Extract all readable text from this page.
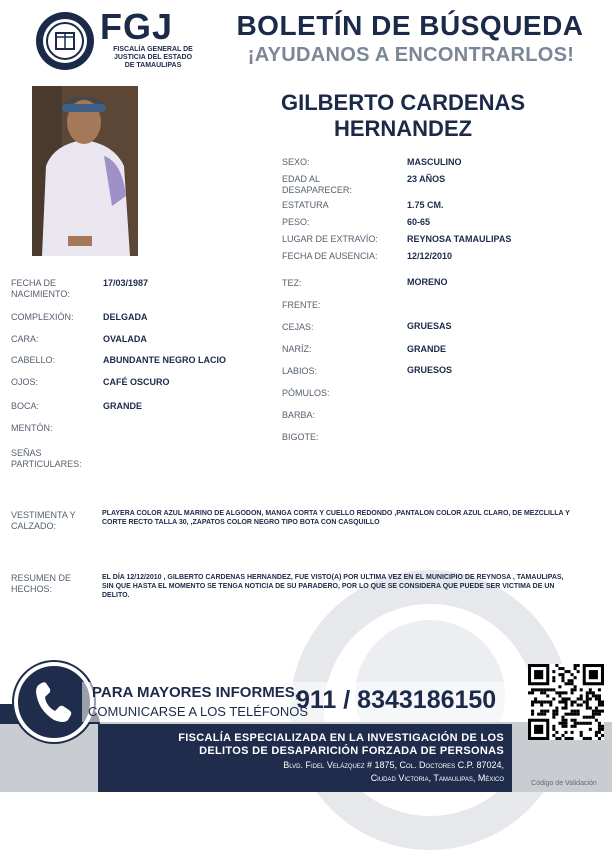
FGJ
FISCALÍA GENERAL DE
JUSTICIA DEL ESTADO
DE TAMAULIPAS
BOLETÍN DE BÚSQUEDA
¡AYUDANOS A ENCONTRARLOS!
GILBERTO CARDENAS
HERNANDEZ
SEXO:	MASCULINO
EDAD AL
DESAPARECER:
23 AÑOS
ESTATURA	1.75 CM.
PESO:	60-65
LUGAR DE EXTRAVÍO:	REYNOSA TAMAULIPAS
FECHA DE AUSENCIA:	12/12/2010
FECHA DE
NACIMIENTO:
17/03/1987
COMPLEXIÓN:	DELGADA
CARA:	OVALADA
CABELLO:	ABUNDANTE NEGRO LACIO
OJOS:	CAFÉ OSCURO
BOCA:	GRANDE
MENTÓN:
SEÑAS
PARTICULARES:
TEZ:	MORENO
FRENTE:
CEJAS:	GRUESAS
NARÍZ:	GRANDE
LABIOS:	GRUESOS
PÓMULOS:
BARBA:
BIGOTE:
VESTIMENTA Y
CALZADO:
PLAYERA COLOR AZUL MARINO DE ALGODON, MANGA CORTA Y CUELLO REDONDO ,PANTALON COLOR AZUL CLARO, DE MEZCLILLA Y CORTE RECTO TALLA 30, ,ZAPATOS COLOR NEGRO TIPO BOTA CON CASQUILLO
RESUMEN DE
HECHOS:
EL DÍA 12/12/2010 , GILBERTO CARDENAS HERNANDEZ, FUE VISTO(A) POR ULTIMA VEZ EN EL MUNICIPIO DE REYNOSA , TAMAULIPAS, SIN QUE HASTA EL MOMENTO SE TENGA NOTICIA DE SU PARADERO, POR LO QUE SE CONSIDERA QUE PUEDE SER VICTIMA DE UN DELITO.
PARA MAYORES INFORMES,
COMUNICARSE A LOS TELÉFONOS
911 / 8343186150
FISCALÍA ESPECIALIZADA EN LA INVESTIGACIÓN DE LOS
DELITOS DE DESAPARICIÓN FORZADA DE PERSONAS
Blvd. Fidel Velázquez # 1875, Col. Doctores C.P. 87024,
Ciudad Victoria, Tamaulipas, México
Código de Validación
